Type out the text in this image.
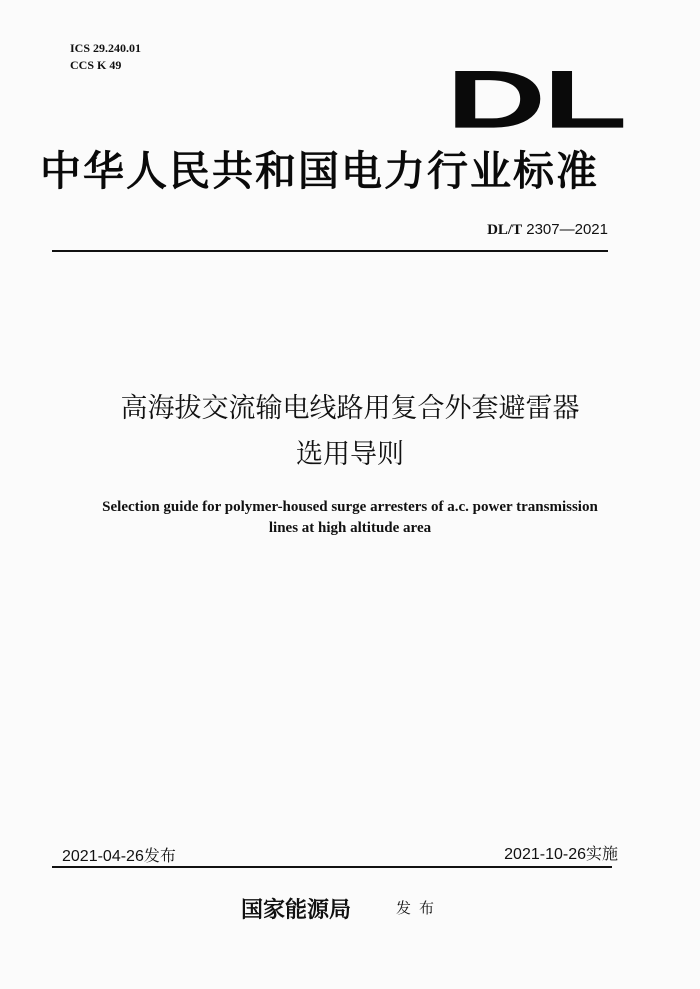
ICS 29.240.01
CCS K 49	DL
中华人民共和国电力行业标准
DL/T 2307—2021
高海拔交流输电线路用复合外套避雷器
选用导则
Selection guide for polymer-housed surge arresters of a.c. power transmission
lines at high altitude area
2021-04-26发布	2021-10-26实施
国家能源局	发布
